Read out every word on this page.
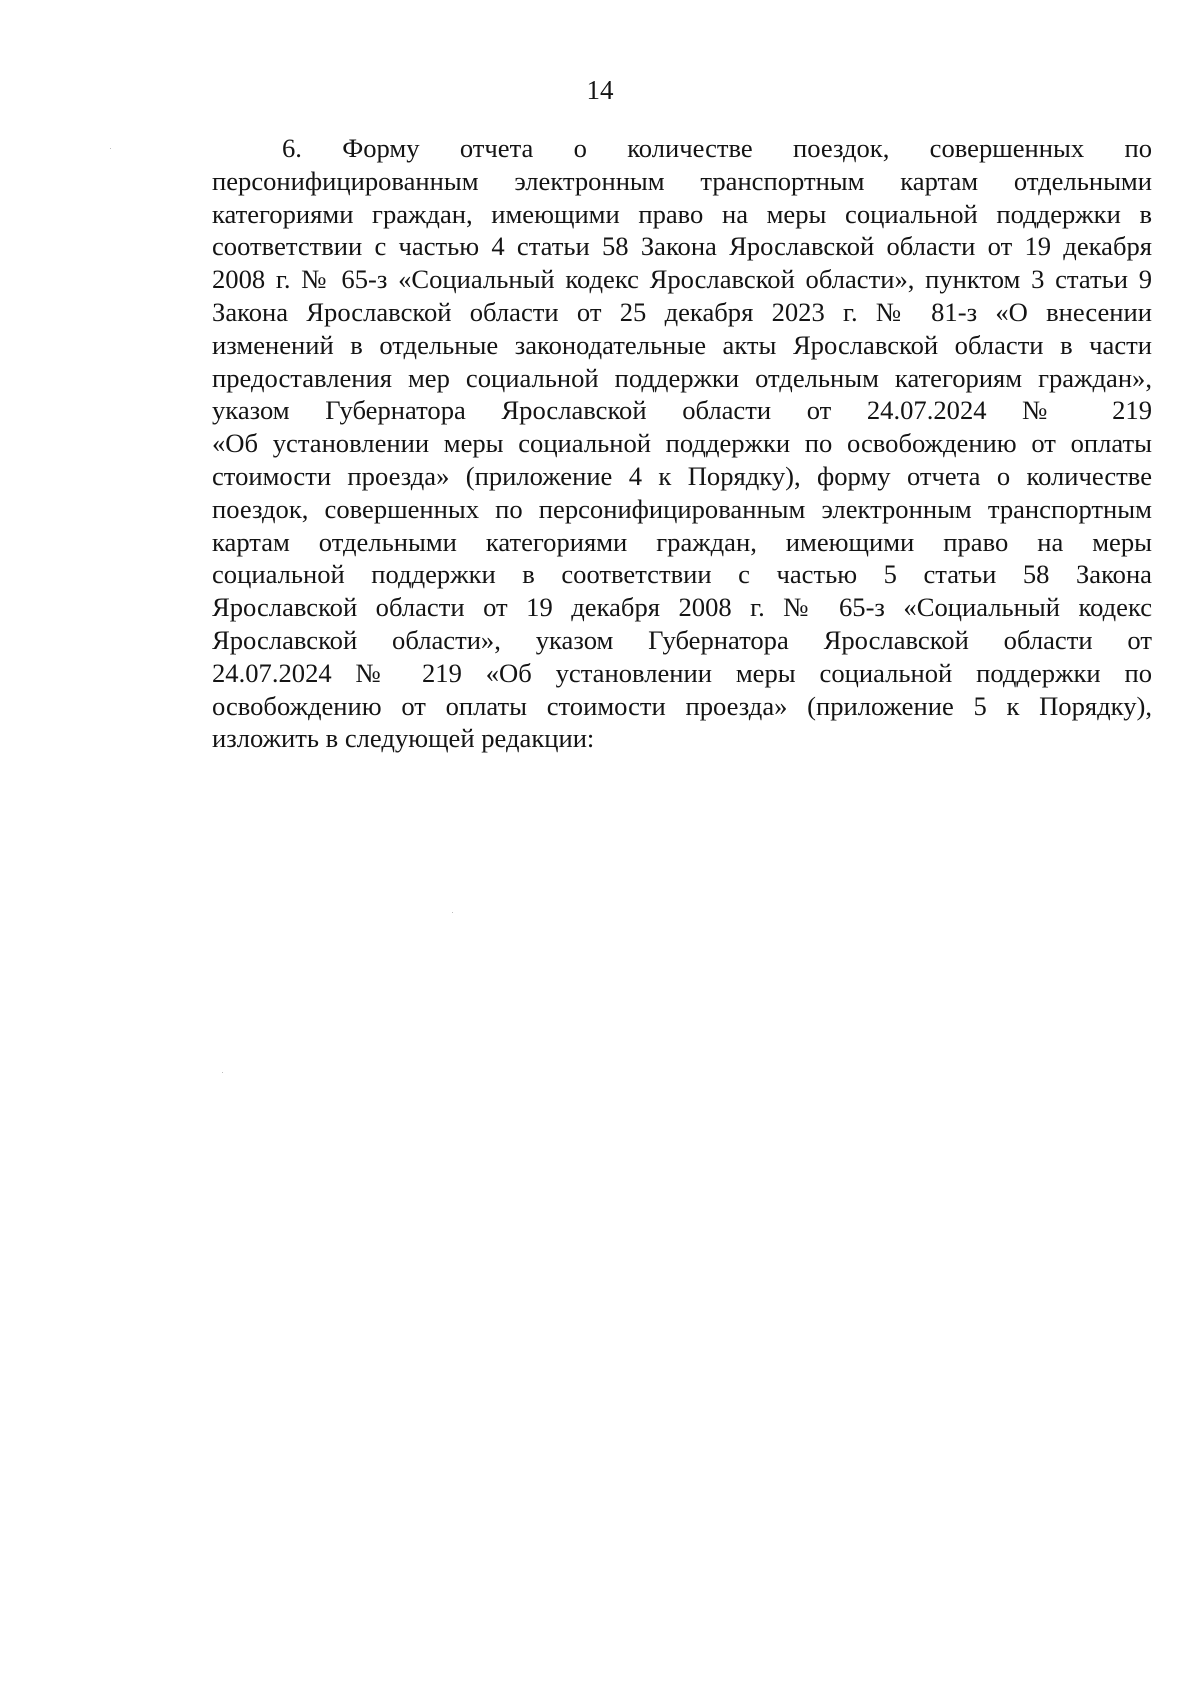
14

6. Форму отчета о количестве поездок, совершенных по
персонифицированным электронным транспортным картам отдельными
категориями граждан, имеющими право на меры социальной поддержки в
соответствии с частью 4 статьи 58 Закона Ярославской области от 19 декабря
2008 г. № 65-з «Социальный кодекс Ярославской области», пунктом 3 статьи 9
Закона Ярославской области от 25 декабря 2023 г. № 81-з «О внесении
изменений в отдельные законодательные акты Ярославской области в части
предоставления мер социальной поддержки отдельным категориям граждан»,
указом Губернатора Ярославской области от 24.07.2024 № 219
«Об установлении меры социальной поддержки по освобождению от оплаты
стоимости проезда» (приложение 4 к Порядку), форму отчета о количестве
поездок, совершенных по персонифицированным электронным транспортным
картам отдельными категориями граждан, имеющими право на меры
социальной поддержки в соответствии с частью 5 статьи 58 Закона
Ярославской области от 19 декабря 2008 г. № 65-з «Социальный кодекс
Ярославской области», указом Губернатора Ярославской области от
24.07.2024 № 219 «Об установлении меры социальной поддержки по
освобождению от оплаты стоимости проезда» (приложение 5 к Порядку),
изложить в следующей редакции:
